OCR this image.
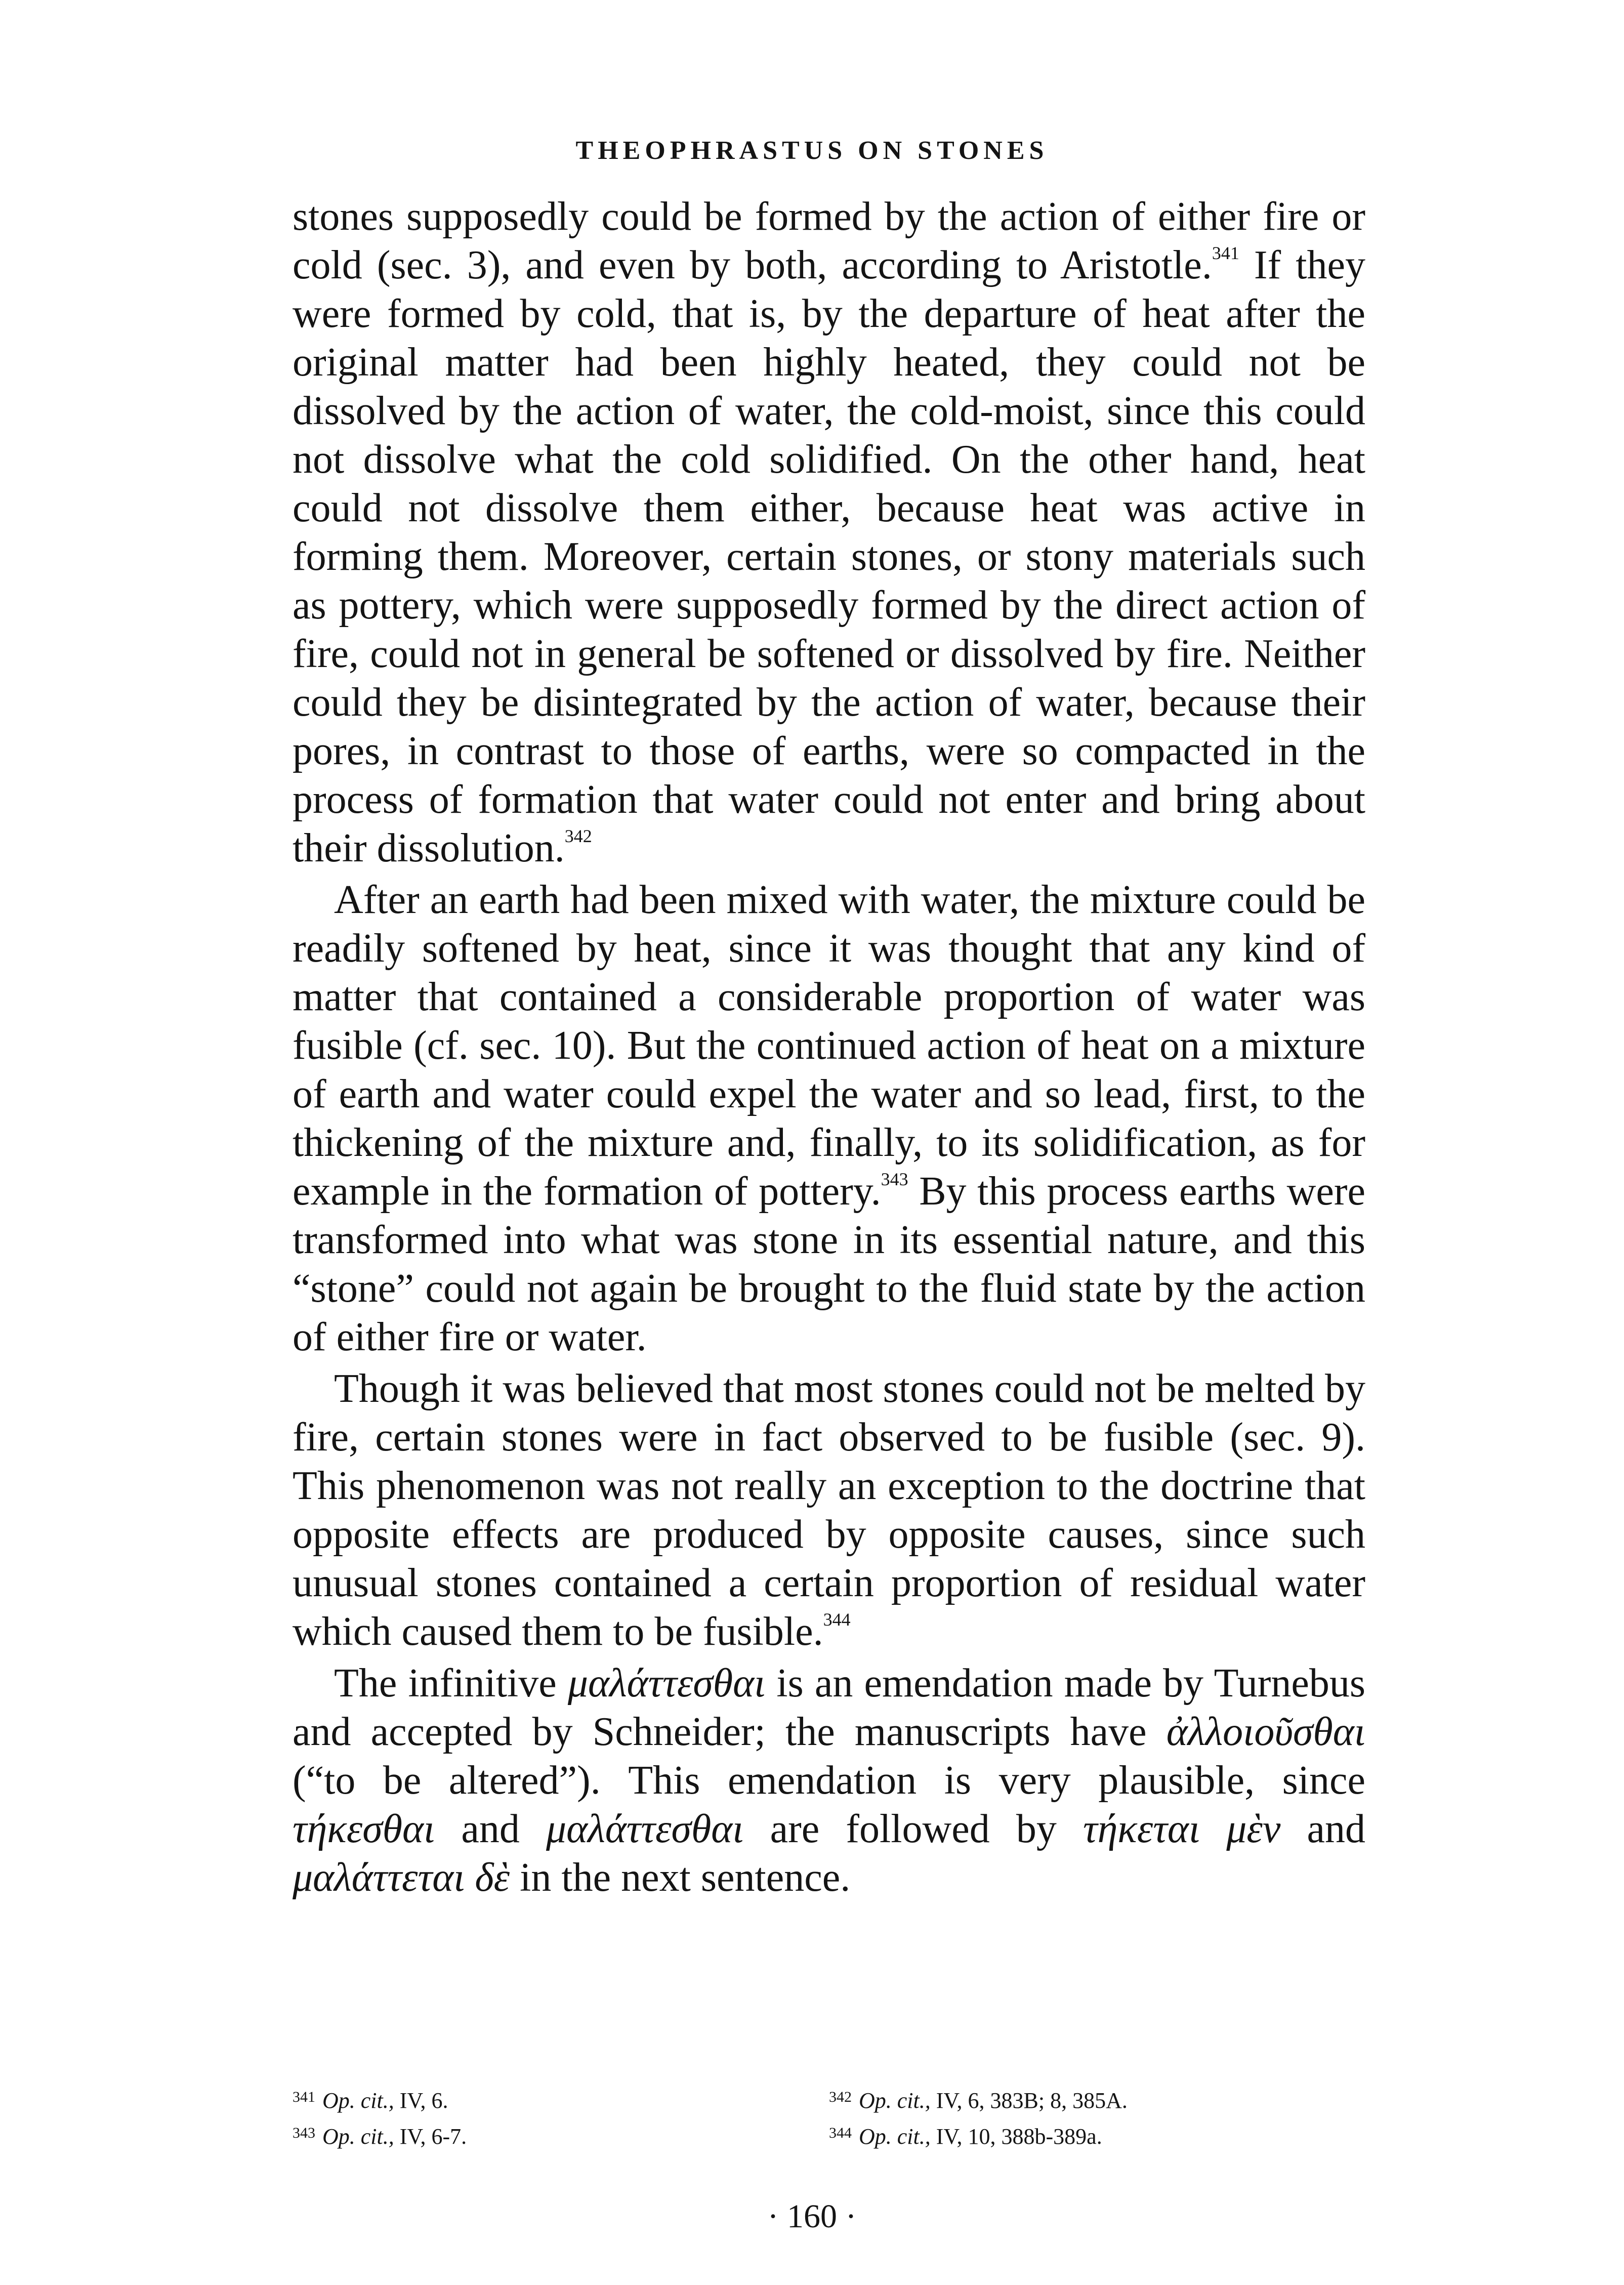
THEOPHRASTUS ON STONES

stones supposedly could be formed by the action of either fire or cold (sec. 3), and even by both, according to Aristotle.$^{341}$ If they were formed by cold, that is, by the departure of heat after the original matter had been highly heated, they could not be dissolved by the action of water, the cold-moist, since this could not dissolve what the cold solidified. On the other hand, heat could not dissolve them either, because heat was active in forming them. Moreover, certain stones, or stony materials such as pottery, which were supposedly formed by the direct action of fire, could not in general be softened or dissolved by fire. Neither could they be disintegrated by the action of water, because their pores, in contrast to those of earths, were so compacted in the process of formation that water could not enter and bring about their dissolution.$^{342}$

After an earth had been mixed with water, the mixture could be readily softened by heat, since it was thought that any kind of matter that contained a considerable proportion of water was fusible (cf. sec. 10). But the continued action of heat on a mixture of earth and water could expel the water and so lead, first, to the thickening of the mixture and, finally, to its solidification, as for example in the formation of pottery.$^{343}$ By this process earths were transformed into what was stone in its essential nature, and this “stone” could not again be brought to the fluid state by the action of either fire or water.

Though it was believed that most stones could not be melted by fire, certain stones were in fact observed to be fusible (sec. 9). This phenomenon was not really an exception to the doctrine that opposite effects are produced by opposite causes, since such unusual stones contained a certain proportion of residual water which caused them to be fusible.$^{344}$

The infinitive μαλάττεσθαι is an emendation made by Turnebus and accepted by Schneider; the manuscripts have ἀλλοιοῦσθαι (“to be altered”). This emendation is very plausible, since τήκεσθαι and μαλάττεσθαι are followed by τήκεται μὲν and μαλάττεται δὲ in the next sentence.

$^{341}$ Op. cit., IV, 6.	$^{342}$ Op. cit., IV, 6, 383B; 8, 385A.
$^{343}$ Op. cit., IV, 6-7.	$^{344}$ Op. cit., IV, 10, 388b-389a.
· 160 ·
